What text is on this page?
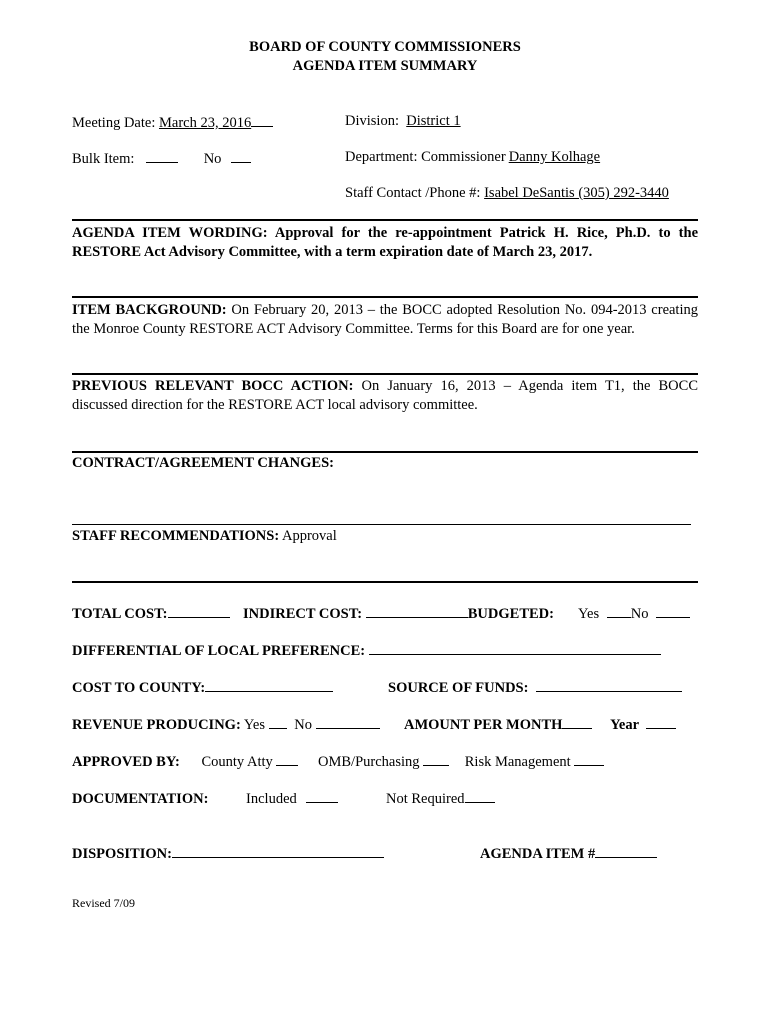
BOARD OF COUNTY COMMISSIONERS
AGENDA ITEM SUMMARY
Meeting Date: March 23, 2016	Division: District 1
Bulk Item:	No	Department: Commissioner Danny Kolhage
Staff Contact /Phone #: Isabel DeSantis (305) 292-3440
AGENDA ITEM WORDING: Approval for the re-appointment Patrick H. Rice, Ph.D. to the RESTORE Act Advisory Committee, with a term expiration date of March 23, 2017.
ITEM BACKGROUND: On February 20, 2013 – the BOCC adopted Resolution No. 094-2013 creating the Monroe County RESTORE ACT Advisory Committee. Terms for this Board are for one year.
PREVIOUS RELEVANT BOCC ACTION: On January 16, 2013 – Agenda item T1, the BOCC discussed direction for the RESTORE ACT local advisory committee.
CONTRACT/AGREEMENT CHANGES:
STAFF RECOMMENDATIONS: Approval
TOTAL COST:	INDIRECT COST:	BUDGETED: Yes No
DIFFERENTIAL OF LOCAL PREFERENCE:
COST TO COUNTY:	SOURCE OF FUNDS:
REVENUE PRODUCING: Yes No	AMOUNT PER MONTH	Year
APPROVED BY: County Atty	OMB/Purchasing	Risk Management
DOCUMENTATION:	Included	Not Required
DISPOSITION:	AGENDA ITEM #
Revised 7/09
